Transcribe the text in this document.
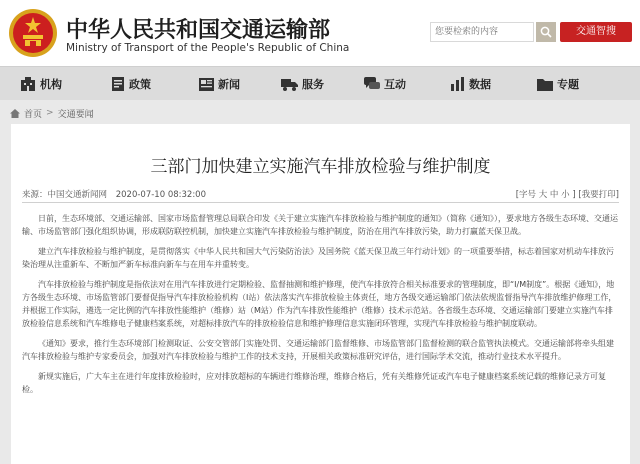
中华人民共和国交通运输部
Ministry of Transport of the People's Republic of China
您要检索的内容
交通智搜
机构	政策	新闻	服务	互动	数据	专题
首页 > 交通要闻
三部门加快建立实施汽车排放检验与维护制度
来源：中国交通新闻网 2020-07-10 08:32:00	[字号 大 中 小 ] [我要打印]

日前，生态环境部、交通运输部、国家市场监督管理总局联合印发《关于建立实施汽车排放检验与维护制度的通知》（简称《通知》），要求地方各级生态环境、交通运输、市场监管部门强化组织协调，形成联防联控机制，加快建立实施汽车排放检验与维护制度，防治在用汽车排放污染，助力打赢蓝天保卫战。

建立汽车排放检验与维护制度，是贯彻落实《中华人民共和国大气污染防治法》及国务院《蓝天保卫战三年行动计划》的一项重要举措，标志着国家对机动车排放污染治理从注重新车、不断加严新车标准向新车与在用车并重转变。

汽车排放检验与维护制度是指依法对在用汽车排放进行定期检验、监督抽测和维护修理，使汽车排放符合相关标准要求的管理制度，即“I/M制度”。根据《通知》，地方各级生态环境、市场监管部门要督促指导汽车排放检验机构（I站）依法落实汽车排放检验主体责任，地方各级交通运输部门依法依规监督指导汽车排放维护修理工作，并根据工作实际，遴选一定比例的汽车排放性能维护（维修）站（M站）作为汽车排放性能维护（维修）技术示范站。各省级生态环境、交通运输部门要建立实施汽车排放检验信息系统和汽车维修电子健康档案系统，对超标排放汽车的排放检验信息和维护修理信息实施闭环管理，实现汽车排放检验与维护制度联动。

《通知》要求，推行生态环境部门检测取证、公安交管部门实施处罚、交通运输部门监督维修、市场监管部门监督检测的联合监管执法模式。交通运输部将牵头组建汽车排放检验与维护专家委员会，加强对汽车排放检验与维护工作的技术支持，开展相关政策标准研究评估，进行国际学术交流，推动行业技术水平提升。

新规实施后，广大车主在进行年度排放检验时，应对排放超标的车辆进行维修治理，维修合格后，凭有关维修凭证或汽车电子健康档案系统记载的维修记录方可复检。
